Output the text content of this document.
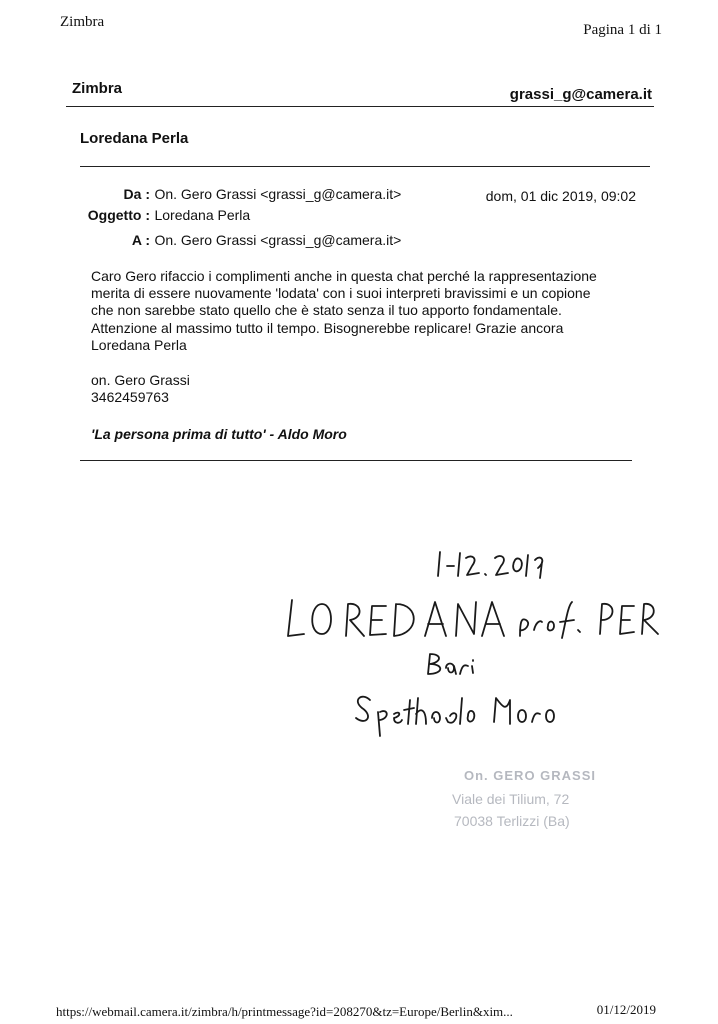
Zimbra	Pagina 1 di 1
Zimbra	grassi_g@camera.it
Loredana Perla
Da : On. Gero Grassi <grassi_g@camera.it>	dom, 01 dic 2019, 09:02
Oggetto : Loredana Perla
A : On. Gero Grassi <grassi_g@camera.it>
Caro Gero rifaccio i complimenti anche in questa chat perché la rappresentazione
merita di essere nuovamente 'lodata' con i suoi interpreti bravissimi e un copione
che non sarebbe stato quello che è stato senza il tuo apporto fondamentale.
Attenzione al massimo tutto il tempo. Bisognerebbe replicare! Grazie ancora
Loredana Perla
on. Gero Grassi
3462459763
'La persona prima di tutto' - Aldo Moro
On. GERO GRASSI
Viale dei Tilium, 72
70038 Terlizzi (Ba)
https://webmail.camera.it/zimbra/h/printmessage?id=208270&tz=Europe/Berlin&xim...	01/12/2019
